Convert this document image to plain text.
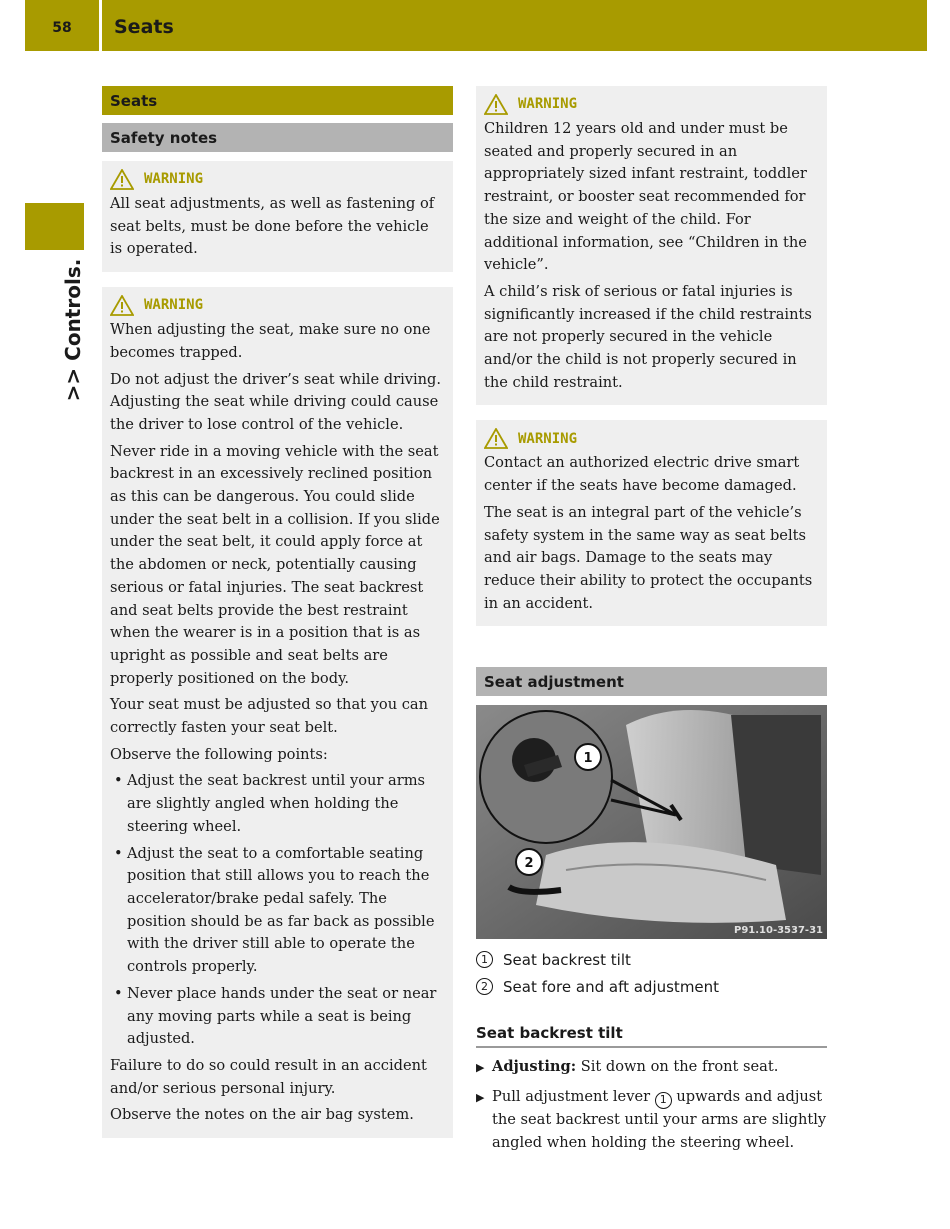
58	Seats
>> Controls.
Seats
Safety notes
WARNING

All seat adjustments, as well as fastening of seat belts, must be done before the vehicle is operated.

WARNING

When adjusting the seat, make sure no one becomes trapped.

Do not adjust the driver’s seat while driving. Adjusting the seat while driving could cause the driver to lose control of the vehicle.

Never ride in a moving vehicle with the seat backrest in an excessively reclined position as this can be dangerous. You could slide under the seat belt in a collision. If you slide under the seat belt, it could apply force at the abdomen or neck, potentially causing serious or fatal injuries. The seat backrest and seat belts provide the best restraint when the wearer is in a position that is as upright as possible and seat belts are properly positioned on the body.

Your seat must be adjusted so that you can correctly fasten your seat belt.

Observe the following points:

• Adjust the seat backrest until your arms are slightly angled when holding the steering wheel.
• Adjust the seat to a comfortable seating position that still allows you to reach the accelerator/brake pedal safely. The position should be as far back as possible with the driver still able to operate the controls properly.
• Never place hands under the seat or near any moving parts while a seat is being adjusted.

Failure to do so could result in an accident and/or serious personal injury.

Observe the notes on the air bag system.

WARNING

Children 12 years old and under must be seated and properly secured in an appropriately sized infant restraint, toddler restraint, or booster seat recommended for the size and weight of the child. For additional information, see “Children in the vehicle”.

A child’s risk of serious or fatal injuries is significantly increased if the child restraints are not properly secured in the vehicle and/or the child is not properly secured in the child restraint.

WARNING

Contact an authorized electric drive smart center if the seats have become damaged.

The seat is an integral part of the vehicle’s safety system in the same way as seat belts and air bags. Damage to the seats may reduce their ability to protect the occupants in an accident.

Seat adjustment
1
2
P91.10-3537-31
1	Seat backrest tilt
2	Seat fore and aft adjustment
Seat backrest tilt
▶ Adjusting: Sit down on the front seat.
▶ Pull adjustment lever 1 upwards and adjust the seat backrest until your arms are slightly angled when holding the steering wheel.
